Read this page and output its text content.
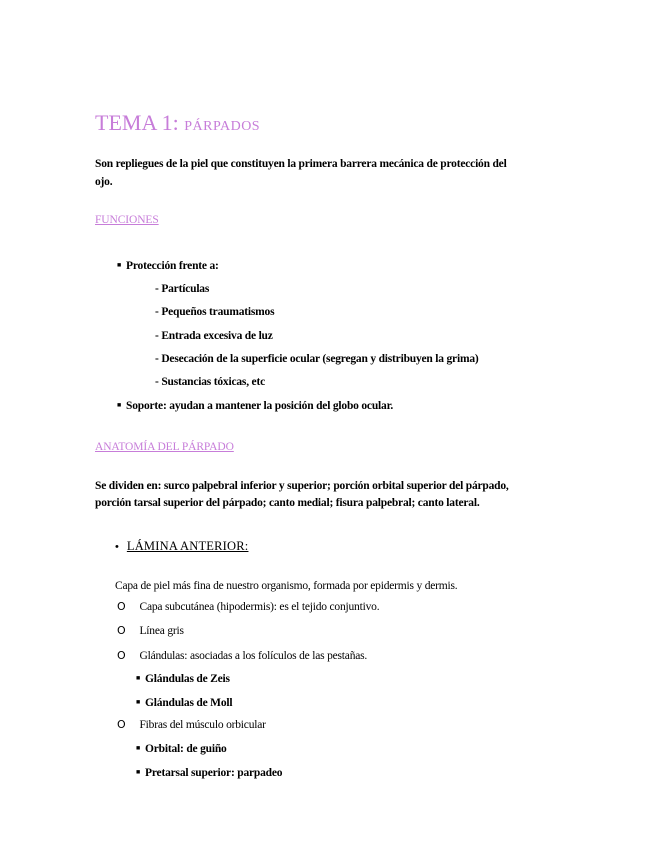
TEMA 1: PÁRPADOS
Son repliegues de la piel que constituyen la primera barrera mecánica de protección del
ojo.
FUNCIONES
■ Protección frente a:
- Partículas
- Pequeños traumatismos
- Entrada excesiva de luz
- Desecación de la superficie ocular (segregan y distribuyen la grima)
- Sustancias tóxicas, etc
■ Soporte: ayudan a mantener la posición del globo ocular.
ANATOMÍA DEL PÁRPADO
Se dividen en: surco palpebral inferior y superior; porción orbital superior del párpado,
porción tarsal superior del párpado; canto medial; fisura palpebral; canto lateral.
• LÁMINA ANTERIOR:
Capa de piel más fina de nuestro organismo, formada por epidermis y dermis.
O Capa subcutánea (hipodermis): es el tejido conjuntivo.
O Línea gris
O Glándulas: asociadas a los folículos de las pestañas.
■ Glándulas de Zeis
■ Glándulas de Moll
O Fibras del músculo orbicular
■ Orbital: de guiño
■ Pretarsal superior: parpadeo
